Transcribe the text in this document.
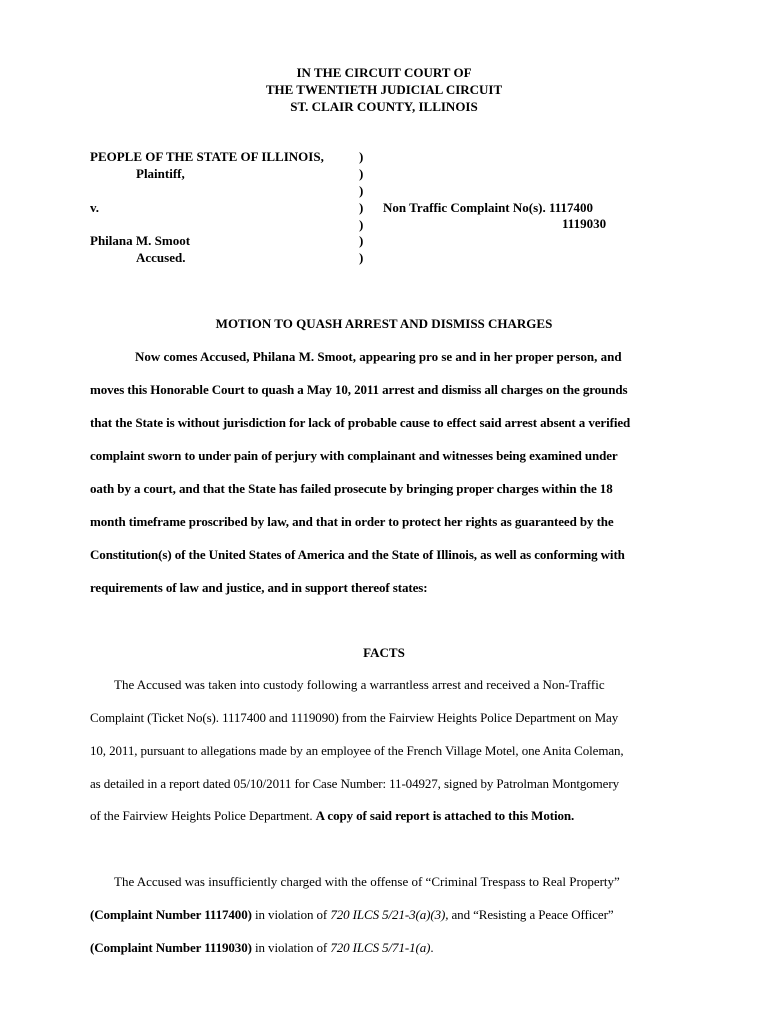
IN THE CIRCUIT COURT OF
THE TWENTIETH JUDICIAL CIRCUIT
ST. CLAIR COUNTY, ILLINOIS
PEOPLE OF THE STATE OF ILLINOIS,
Plaintiff,
v.
Philana M. Smoot
Accused.
)
)
)
)
)
)
)
Non Traffic Complaint No(s). 1117400
1119030
MOTION TO QUASH ARREST AND DISMISS CHARGES
Now comes Accused, Philana M. Smoot, appearing pro se and in her proper person, and
moves this Honorable Court to quash a May 10, 2011 arrest and dismiss all charges on the grounds
that the State is without jurisdiction for lack of probable cause to effect said arrest absent a verified
complaint sworn to under pain of perjury with complainant and witnesses being examined under
oath by a court, and that the State has failed prosecute by bringing proper charges within the 18
month timeframe proscribed by law, and that in order to protect her rights as guaranteed by the
Constitution(s) of the United States of America and the State of Illinois, as well as conforming with
requirements of law and justice, and in support thereof states:
FACTS
The Accused was taken into custody following a warrantless arrest and received a Non-Traffic
Complaint (Ticket No(s). 1117400 and 1119090) from the Fairview Heights Police Department on May
10, 2011, pursuant to allegations made by an employee of the French Village Motel, one Anita Coleman,
as detailed in a report dated 05/10/2011 for Case Number: 11-04927, signed by Patrolman Montgomery
of the Fairview Heights Police Department. A copy of said report is attached to this Motion.
The Accused was insufficiently charged with the offense of “Criminal Trespass to Real Property”
(Complaint Number 1117400) in violation of 720 ILCS 5/21-3(a)(3), and “Resisting a Peace Officer”
(Complaint Number 1119030) in violation of 720 ILCS 5/71-1(a).
